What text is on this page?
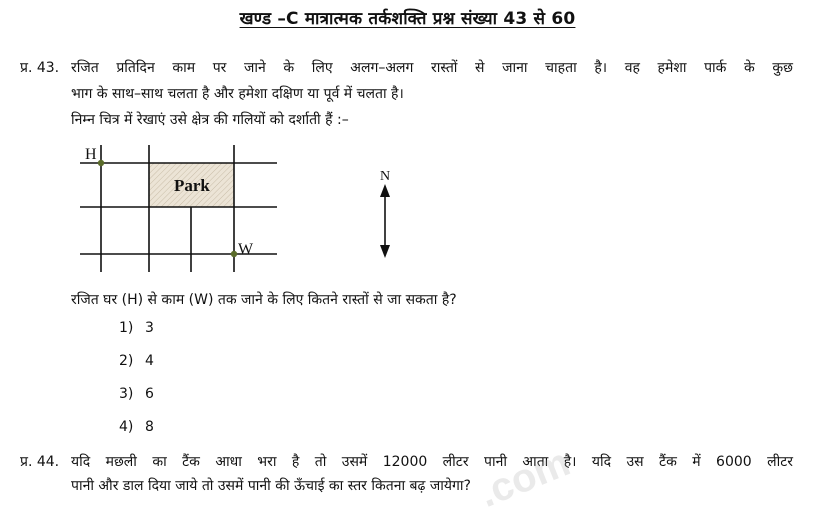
खण्ड –C मात्रात्मक तर्कशक्ति प्रश्न संख्या 43 से 60
प्र. 43. रजित प्रतिदिन काम पर जाने के लिए अलग–अलग रास्तों से जाना चाहता है। वह हमेशा पार्क के कुछ
भाग के साथ–साथ चलता है और हमेशा दक्षिण या पूर्व में चलता है।
निम्न चित्र में रेखाएं उसे क्षेत्र की गलियों को दर्शाती हैं :–
H
Park
W
N
रजित घर (H) से काम (W) तक जाने के लिए कितने रास्तों से जा सकता है?
1) 3
2) 4
3) 6
4) 8
प्र. 44. यदि मछली का टैंक आधा भरा है तो उसमें 12000 लीटर पानी आता है। यदि उस टैंक में 6000 लीटर
पानी और डाल दिया जाये तो उसमें पानी की ऊँचाई का स्तर कितना बढ़ जायेगा? .com
